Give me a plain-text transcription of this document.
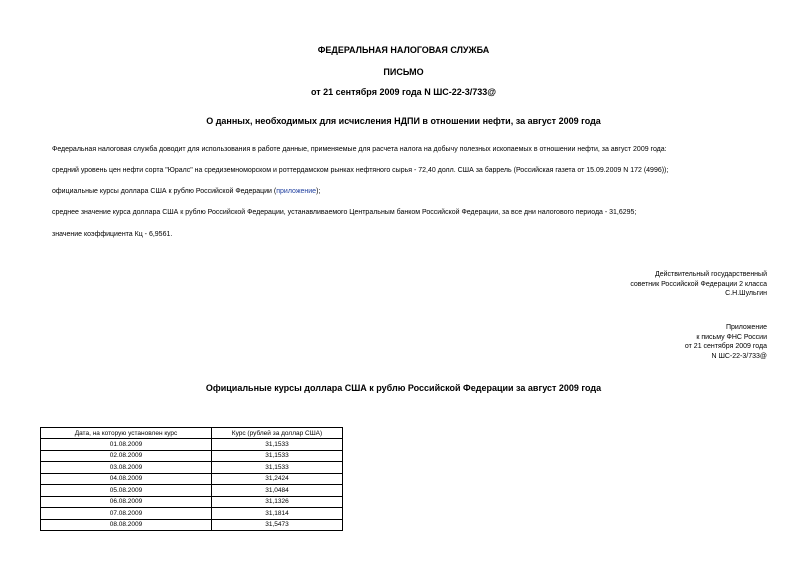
ФЕДЕРАЛЬНАЯ НАЛОГОВАЯ СЛУЖБА
ПИСЬМО
от 21 сентября 2009 года N ШС-22-3/733@
О данных, необходимых для исчисления НДПИ в отношении нефти, за август 2009 года
Федеральная налоговая служба доводит для использования в работе данные, применяемые для расчета налога на добычу полезных ископаемых в отношении нефти, за август 2009 года:
средний уровень цен нефти сорта "Юралс" на средиземноморском и роттердамском рынках нефтяного сырья - 72,40 долл. США за баррель (Российская газета от 15.09.2009 N 172 (4996));
официальные курсы доллара США к рублю Российской Федерации (приложение);
среднее значение курса доллара США к рублю Российской Федерации, устанавливаемого Центральным банком Российской Федерации, за все дни налогового периода - 31,6295;
значение коэффициента Кц - 6,9561.
Действительный государственный
советник Российской Федерации 2 класса
С.Н.Шульгин
Приложение
к письму ФНС России
от 21 сентября 2009 года
N ШС-22-3/733@
Официальные курсы доллара США к рублю Российской Федерации за август 2009 года
Дата, на которую установлен курс	Курс (рублей за доллар США)
01.08.2009	31,1533
02.08.2009	31,1533
03.08.2009	31,1533
04.08.2009	31,2424
05.08.2009	31,0484
06.08.2009	31,1326
07.08.2009	31,1814
08.08.2009	31,5473
